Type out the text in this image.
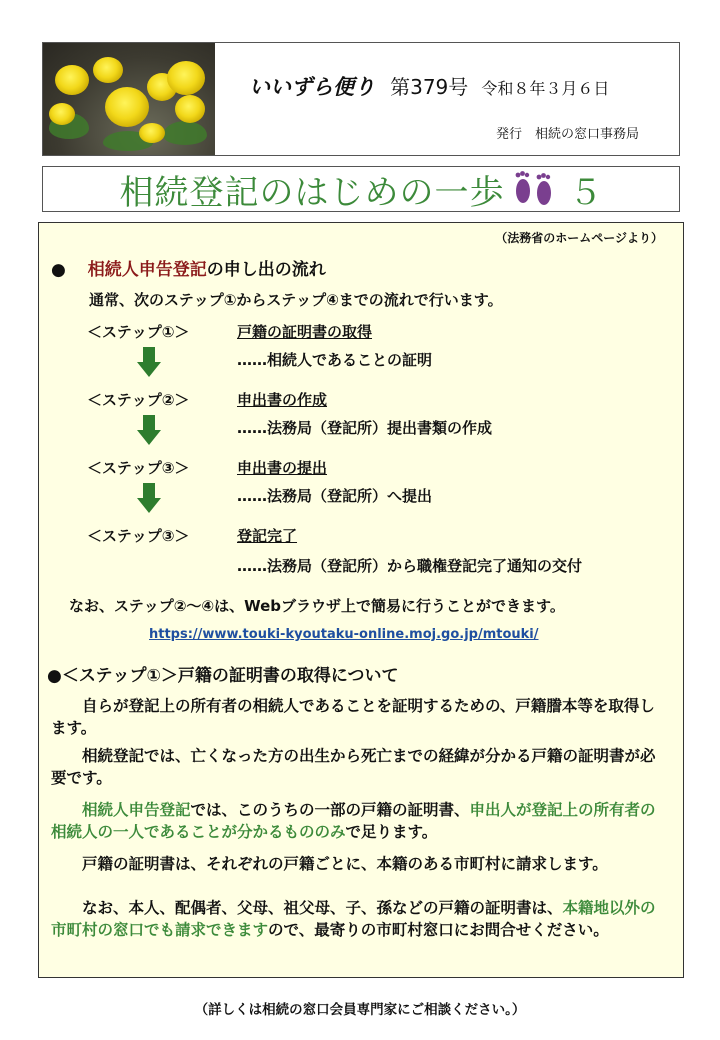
いいずら便り 第379号 令和８年３月６日
発行　相続の窓口事務局
相続登記のはじめの一歩 ５
（法務省のホームページより）
● 相続人申告登記の申し出の流れ
通常、次のステップ①からステップ④までの流れで行います。
＜ステップ①＞	戸籍の証明書の取得
……相続人であることの証明
＜ステップ②＞	申出書の作成
……法務局（登記所）提出書類の作成
＜ステップ③＞	申出書の提出
……法務局（登記所）へ提出
＜ステップ③＞	登記完了
……法務局（登記所）から職権登記完了通知の交付
なお、ステップ②～④は、Webブラウザ上で簡易に行うことができます。
https://www.touki-kyoutaku-online.moj.go.jp/mtouki/
●＜ステップ①＞戸籍の証明書の取得について
自らが登記上の所有者の相続人であることを証明するための、戸籍謄本等を取得します。
相続登記では、亡くなった方の出生から死亡までの経緯が分かる戸籍の証明書が必要です。
相続人申告登記では、このうちの一部の戸籍の証明書、申出人が登記上の所有者の相続人の一人であることが分かるもののみで足ります。
戸籍の証明書は、それぞれの戸籍ごとに、本籍のある市町村に請求します。
なお、本人、配偶者、父母、祖父母、子、孫などの戸籍の証明書は、本籍地以外の市町村の窓口でも請求できますので、最寄りの市町村窓口にお問合せください。
（詳しくは相続の窓口会員専門家にご相談ください。）
